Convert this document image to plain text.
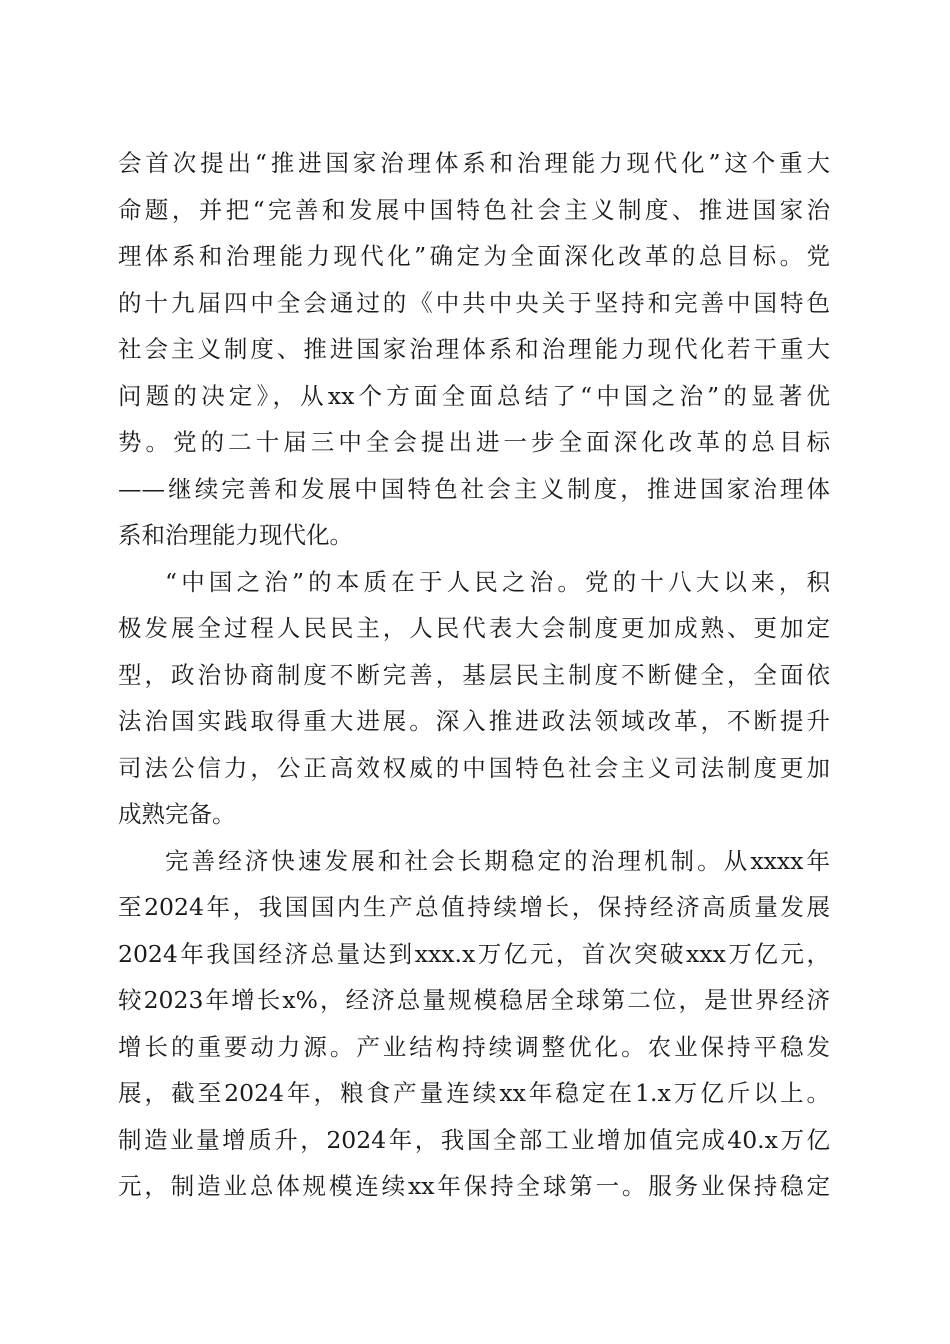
会首次提出“推进国家治理体系和治理能力现代化”这个重大
命题，并把“完善和发展中国特色社会主义制度、推进国家治
理体系和治理能力现代化”确定为全面深化改革的总目标。党
的十九届四中全会通过的《中共中央关于坚持和完善中国特色
社会主义制度、推进国家治理体系和治理能力现代化若干重大
问题的决定》，从xx个方面全面总结了“中国之治”的显著优
势。党的二十届三中全会提出进一步全面深化改革的总目标
——继续完善和发展中国特色社会主义制度，推进国家治理体
系和治理能力现代化。

“中国之治”的本质在于人民之治。党的十八大以来，积
极发展全过程人民民主，人民代表大会制度更加成熟、更加定
型，政治协商制度不断完善，基层民主制度不断健全，全面依
法治国实践取得重大进展。深入推进政法领域改革，不断提升
司法公信力，公正高效权威的中国特色社会主义司法制度更加
成熟完备。

完善经济快速发展和社会长期稳定的治理机制。从xxxx年
至2024年，我国国内生产总值持续增长，保持经济高质量发展
2024年我国经济总量达到xxx.x万亿元，首次突破xxx万亿元，
较2023年增长x%，经济总量规模稳居全球第二位，是世界经济
增长的重要动力源。产业结构持续调整优化。农业保持平稳发
展，截至2024年，粮食产量连续xx年稳定在1.x万亿斤以上。
制造业量增质升，2024年，我国全部工业增加值完成40.x万亿
元，制造业总体规模连续xx年保持全球第一。服务业保持稳定
